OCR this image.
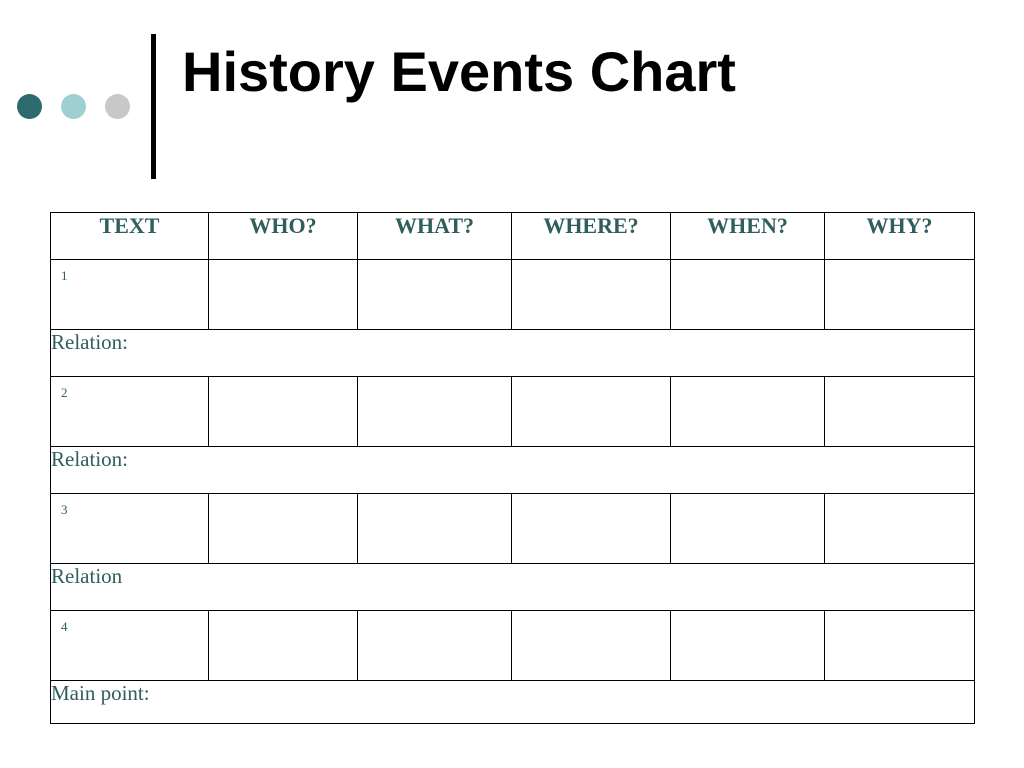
History Events Chart
TEXT	WHO?	WHAT?	WHERE?	WHEN?	WHY?

1					

Relation:					

2					

Relation:					

3					

Relation					

4					

Main point:					
